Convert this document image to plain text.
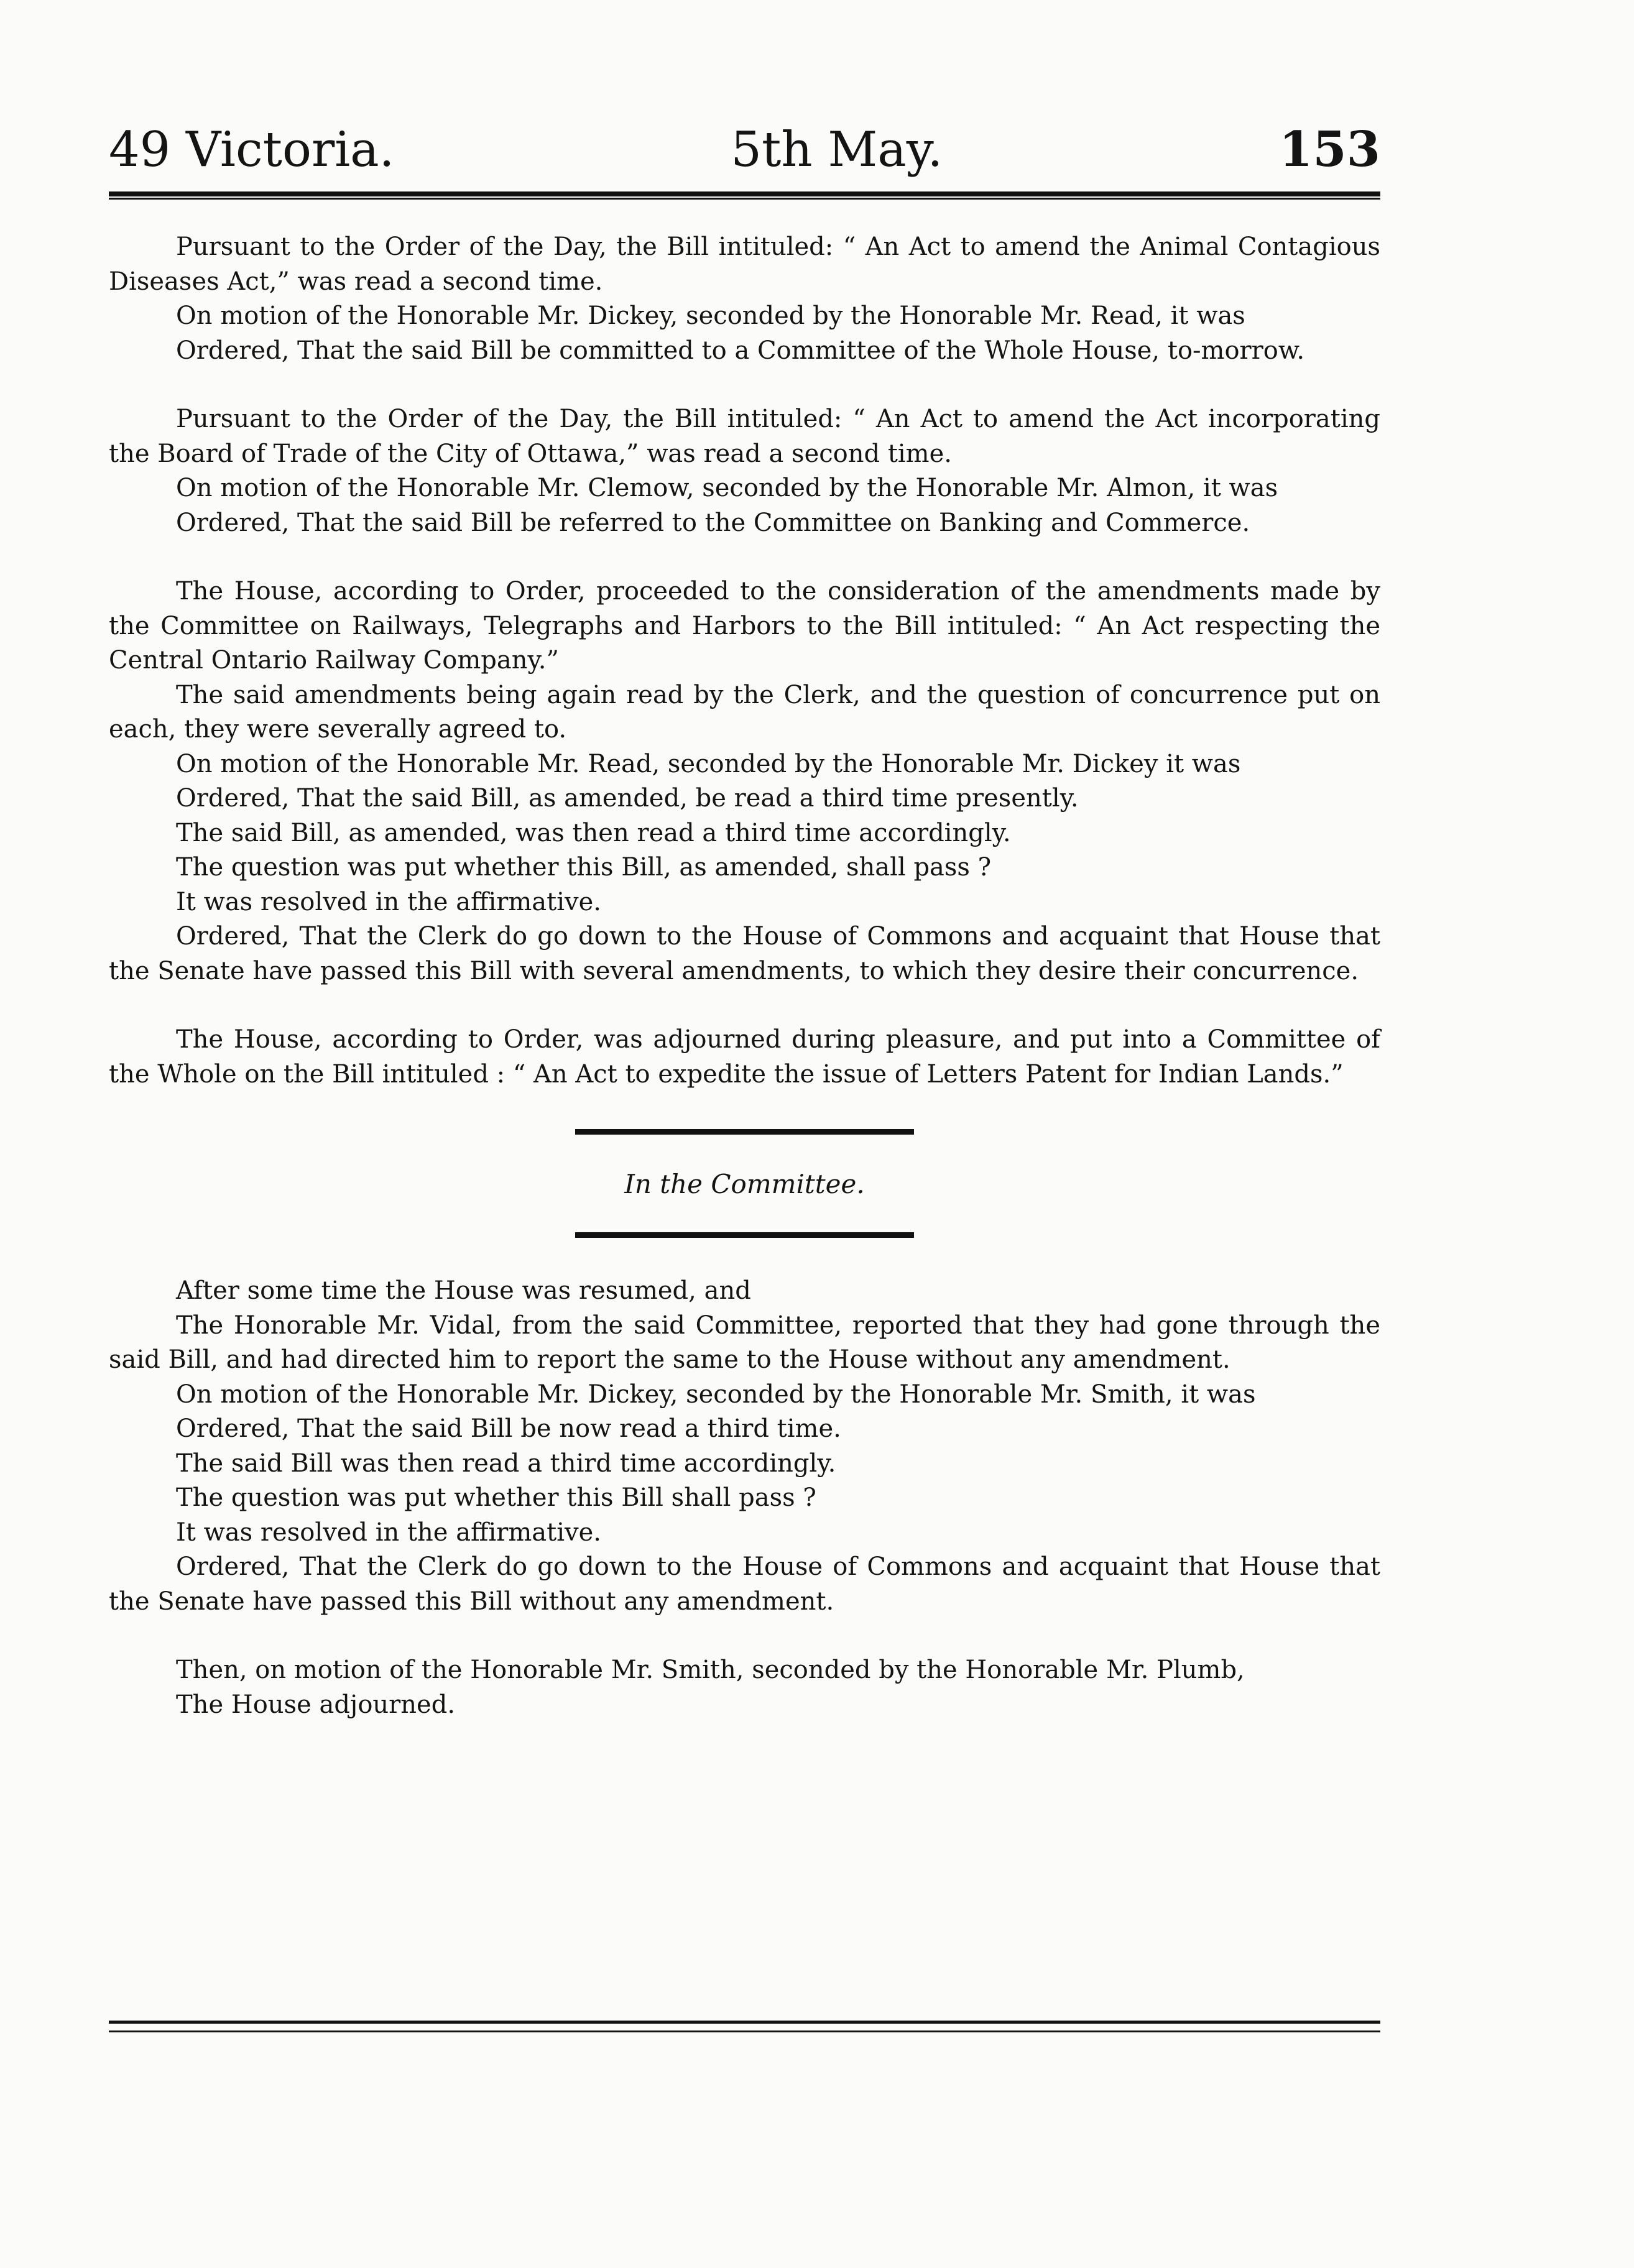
49 Victoria.	5th May.	153

Pursuant to the Order of the Day, the Bill intituled: “ An Act to amend the Animal Contagious Diseases Act,” was read a second time.

On motion of the Honorable Mr. Dickey, seconded by the Honorable Mr. Read, it was

Ordered, That the said Bill be committed to a Committee of the Whole House, to-morrow.

Pursuant to the Order of the Day, the Bill intituled: “ An Act to amend the Act incorporating the Board of Trade of the City of Ottawa,” was read a second time.

On motion of the Honorable Mr. Clemow, seconded by the Honorable Mr. Almon, it was

Ordered, That the said Bill be referred to the Committee on Banking and Commerce.

The House, according to Order, proceeded to the consideration of the amendments made by the Committee on Railways, Telegraphs and Harbors to the Bill intituled: “ An Act respecting the Central Ontario Railway Company.”

The said amendments being again read by the Clerk, and the question of concurrence put on each, they were severally agreed to.

On motion of the Honorable Mr. Read, seconded by the Honorable Mr. Dickey it was

Ordered, That the said Bill, as amended, be read a third time presently.

The said Bill, as amended, was then read a third time accordingly.

The question was put whether this Bill, as amended, shall pass ?

It was resolved in the affirmative.

Ordered, That the Clerk do go down to the House of Commons and acquaint that House that the Senate have passed this Bill with several amendments, to which they desire their concurrence.

The House, according to Order, was adjourned during pleasure, and put into a Committee of the Whole on the Bill intituled : “ An Act to expedite the issue of Letters Patent for Indian Lands.”

In the Committee.

After some time the House was resumed, and

The Honorable Mr. Vidal, from the said Committee, reported that they had gone through the said Bill, and had directed him to report the same to the House without any amendment.

On motion of the Honorable Mr. Dickey, seconded by the Honorable Mr. Smith, it was

Ordered, That the said Bill be now read a third time.

The said Bill was then read a third time accordingly.

The question was put whether this Bill shall pass ?

It was resolved in the affirmative.

Ordered, That the Clerk do go down to the House of Commons and acquaint that House that the Senate have passed this Bill without any amendment.

Then, on motion of the Honorable Mr. Smith, seconded by the Honorable Mr. Plumb,

The House adjourned.
